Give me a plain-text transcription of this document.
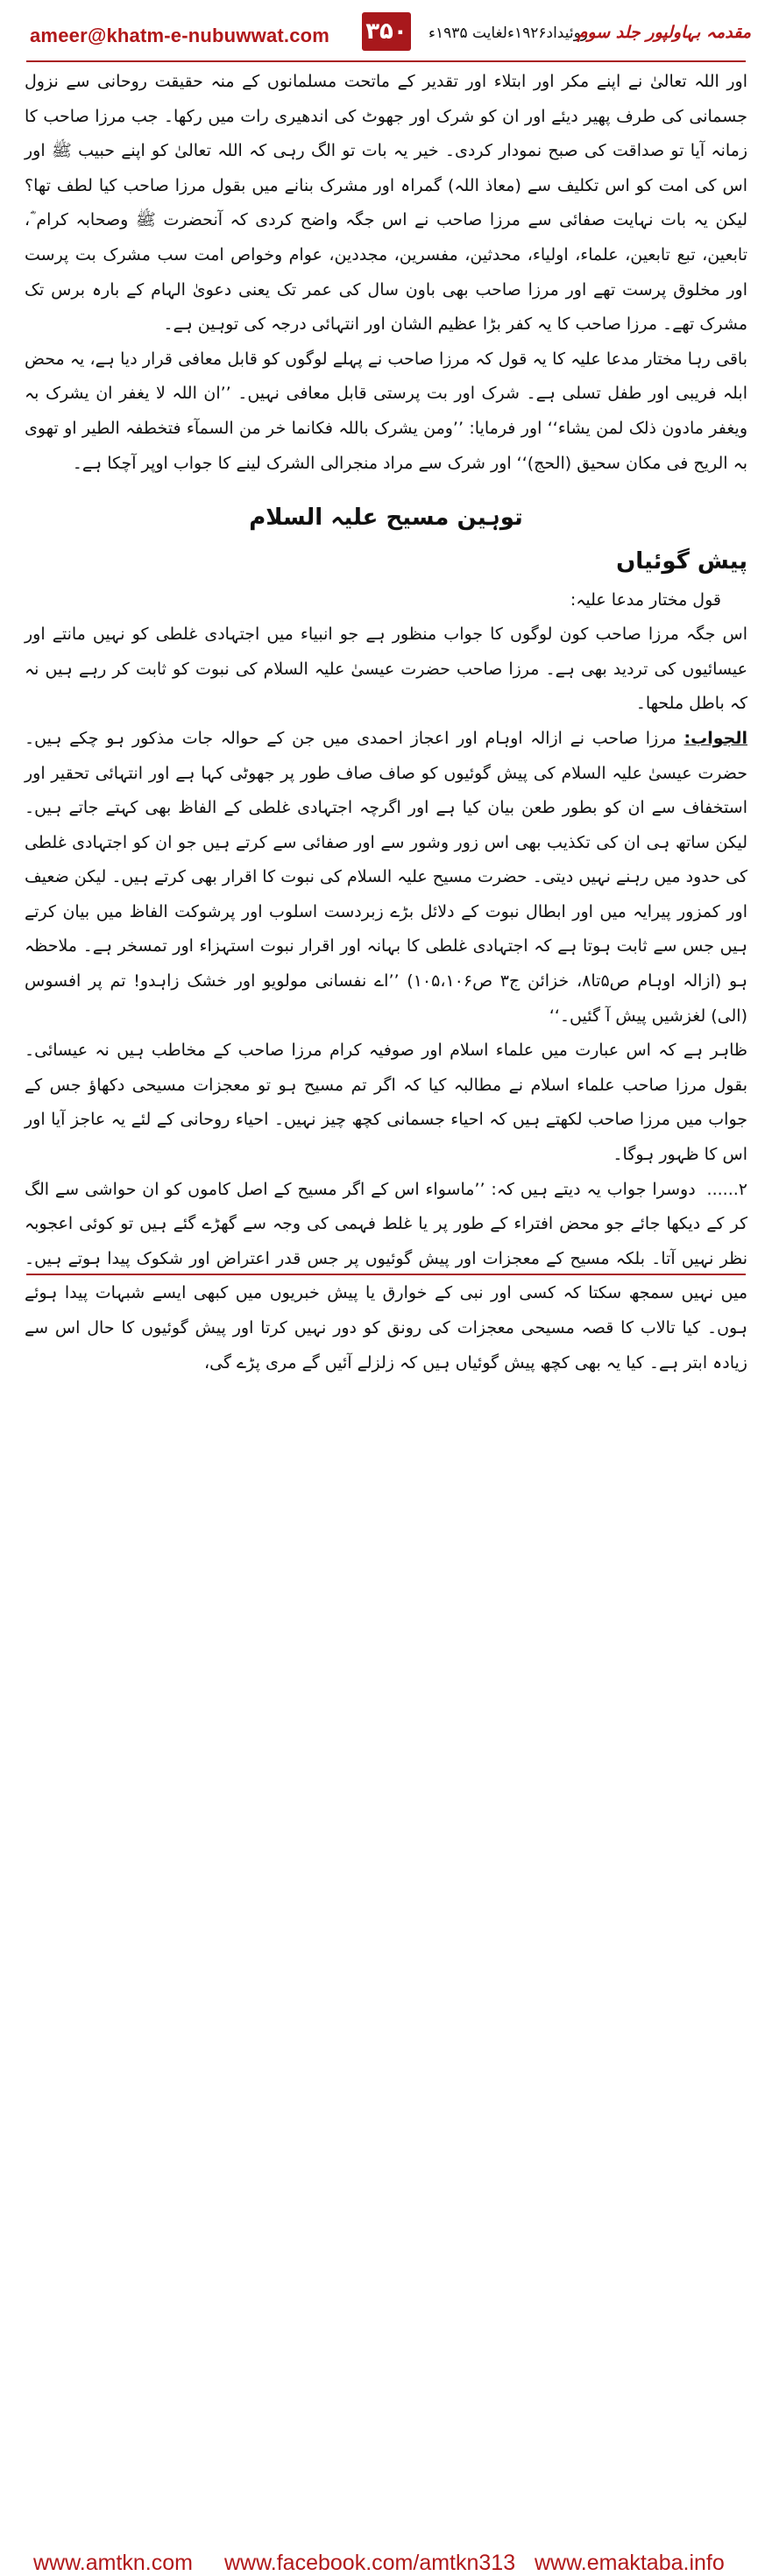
ameer@khatm-e-nubuwwat.com ۳۵۰ روئیداد۱۹۲۶ءلغایت ۱۹۳۵ء
مقدمہ بہاولپور جلد سوم

اور اللہ تعالیٰ نے اپنے مکر اور ابتلاء اور تقدیر کے ماتحت مسلمانوں کے منہ حقیقت روحانی سے نزول جسمانی کی طرف پھیر دیئے اور ان کو شرک اور جھوٹ کی اندھیری رات میں رکھا۔ جب مرزا صاحب کا زمانہ آیا تو صداقت کی صبح نمودار کردی۔ خیر یہ بات تو الگ رہی کہ اللہ تعالیٰ کو اپنے حبیب ﷺ اور اس کی امت کو اس تکلیف سے (معاذ اللہ) گمراہ اور مشرک بنانے میں بقول مرزا صاحب کیا لطف تھا؟ لیکن یہ بات نہایت صفائی سے مرزا صاحب نے اس جگہ واضح کردی کہ آنحضرت ﷺ وصحابہ کرام ؓ، تابعین، تبع تابعین، علماء، اولیاء، محدثین، مفسرین، مجددین، عوام وخواص امت سب مشرک بت پرست اور مخلوق پرست تھے اور مرزا صاحب بھی باون سال کی عمر تک یعنی دعویٰ الہام کے بارہ برس تک مشرک تھے۔ مرزا صاحب کا یہ کفر بڑا عظیم الشان اور انتہائی درجہ کی توہین ہے۔

باقی رہا مختار مدعا علیہ کا یہ قول کہ مرزا صاحب نے پہلے لوگوں کو قابل معافی قرار دیا ہے، یہ محض ابلہ فریبی اور طفل تسلی ہے۔ شرک اور بت پرستی قابل معافی نہیں۔ ’’ان اللہ لا یغفر ان یشرک بہ ویغفر مادون ذلک لمن یشاء‘‘ اور فرمایا: ’’ومن یشرک باللہ فکانما خر من السمآء فتخطفہ الطیر او تھوی بہ الریح فی مکان سحیق (الحج)‘‘ اور شرک سے مراد منجرالی الشرک لینے کا جواب اوپر آچکا ہے۔

توہین مسیح علیہ السلام
پیش گوئیاں
قول مختار مدعا علیہ:

اس جگہ مرزا صاحب کون لوگوں کا جواب منظور ہے جو انبیاء میں اجتہادی غلطی کو نہیں مانتے اور عیسائیوں کی تردید بھی ہے۔ مرزا صاحب حضرت عیسیٰ علیہ السلام کی نبوت کو ثابت کر رہے ہیں نہ کہ باطل ملحھا۔

الجواب: مرزا صاحب نے ازالہ اوہام اور اعجاز احمدی میں جن کے حوالہ جات مذکور ہو چکے ہیں۔ حضرت عیسیٰ علیہ السلام کی پیش گوئیوں کو صاف صاف طور پر جھوٹی کہا ہے اور انتہائی تحقیر اور استخفاف سے ان کو بطور طعن بیان کیا ہے اور اگرچہ اجتہادی غلطی کے الفاظ بھی کہتے جاتے ہیں۔ لیکن ساتھ ہی ان کی تکذیب بھی اس زور وشور سے اور صفائی سے کرتے ہیں جو ان کو اجتہادی غلطی کی حدود میں رہنے نہیں دیتی۔ حضرت مسیح علیہ السلام کی نبوت کا اقرار بھی کرتے ہیں۔ لیکن ضعیف اور کمزور پیرایہ میں اور ابطال نبوت کے دلائل بڑے زبردست اسلوب اور پرشوکت الفاظ میں بیان کرتے ہیں جس سے ثابت ہوتا ہے کہ اجتہادی غلطی کا بہانہ اور اقرار نبوت استہزاء اور تمسخر ہے۔ ملاحظہ ہو (ازالہ اوہام ص۵تا۸، خزائن ج۳ ص۱۰۵،۱۰۶) ’’اے نفسانی مولویو اور خشک زاہدو! تم پر افسوس (الی) لغزشیں پیش آ گئیں۔‘‘

ظاہر ہے کہ اس عبارت میں علماء اسلام اور صوفیہ کرام مرزا صاحب کے مخاطب ہیں نہ عیسائی۔ بقول مرزا صاحب علماء اسلام نے مطالبہ کیا کہ اگر تم مسیح ہو تو معجزات مسیحی دکھاؤ جس کے جواب میں مرزا صاحب لکھتے ہیں کہ احیاء جسمانی کچھ چیز نہیں۔ احیاء روحانی کے لئے یہ عاجز آیا اور اس کا ظہور ہوگا۔

۲...... دوسرا جواب یہ دیتے ہیں کہ: ’’ماسواء اس کے اگر مسیح کے اصل کاموں کو ان حواشی سے الگ کر کے دیکھا جائے جو محض افتراء کے طور پر یا غلط فہمی کی وجہ سے گھڑے گئے ہیں تو کوئی اعجوبہ نظر نہیں آتا۔ بلکہ مسیح کے معجزات اور پیش گوئیوں پر جس قدر اعتراض اور شکوک پیدا ہوتے ہیں۔ میں نہیں سمجھ سکتا کہ کسی اور نبی کے خوارق یا پیش خبریوں میں کبھی ایسے شبہات پیدا ہوئے ہوں۔ کیا تالاب کا قصہ مسیحی معجزات کی رونق کو دور نہیں کرتا اور پیش گوئیوں کا حال اس سے زیادہ ابتر ہے۔ کیا یہ بھی کچھ پیش گوئیاں ہیں کہ زلزلے آئیں گے مری پڑے گی،

www.amtkn.com www.facebook.com/amtkn313 www.emaktaba.info
